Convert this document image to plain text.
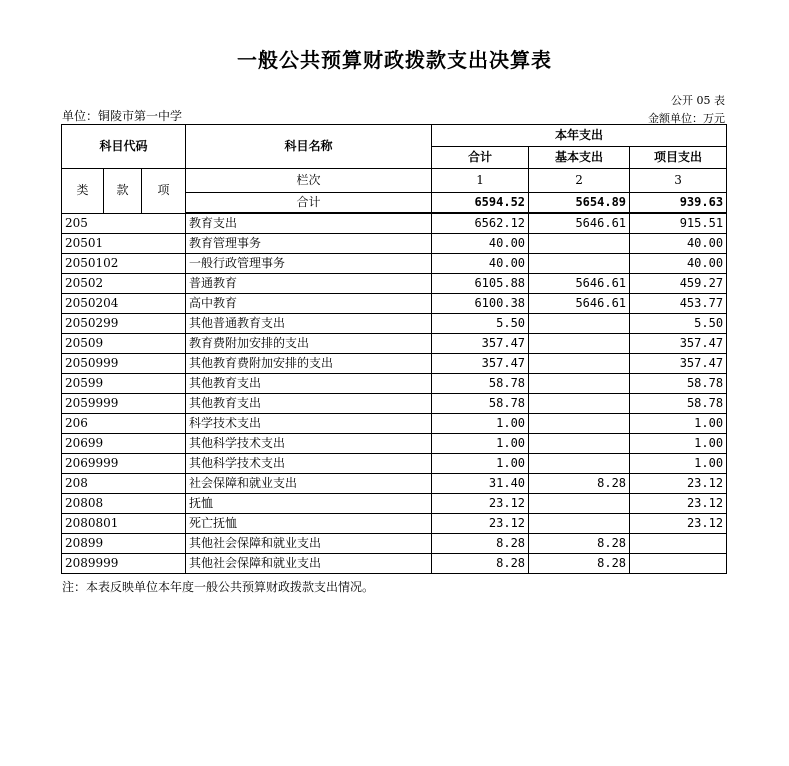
一般公共预算财政拨款支出决算表
公开 05 表
单位：铜陵市第一中学	金额单位：万元
科目代码			科目名称	本年支出		
				合计	基本支出	项目支出
类	款	项	栏次	1	2	3
			合计	6594.52	5654.89	939.63
205			教育支出	6562.12	5646.61	915.51
20501			教育管理事务	40.00		40.00
2050102			一般行政管理事务	40.00		40.00
20502			普通教育	6105.88	5646.61	459.27
2050204			高中教育	6100.38	5646.61	453.77
2050299			其他普通教育支出	5.50		5.50
20509			教育费附加安排的支出	357.47		357.47
2050999			其他教育费附加安排的支出	357.47		357.47
20599			其他教育支出	58.78		58.78
2059999			其他教育支出	58.78		58.78
206			科学技术支出	1.00		1.00
20699			其他科学技术支出	1.00		1.00
2069999			其他科学技术支出	1.00		1.00
208			社会保障和就业支出	31.40	8.28	23.12
20808			抚恤	23.12		23.12
2080801			死亡抚恤	23.12		23.12
20899			其他社会保障和就业支出	8.28	8.28	
2089999			其他社会保障和就业支出	8.28	8.28	
注：本表反映单位本年度一般公共预算财政拨款支出情况。
